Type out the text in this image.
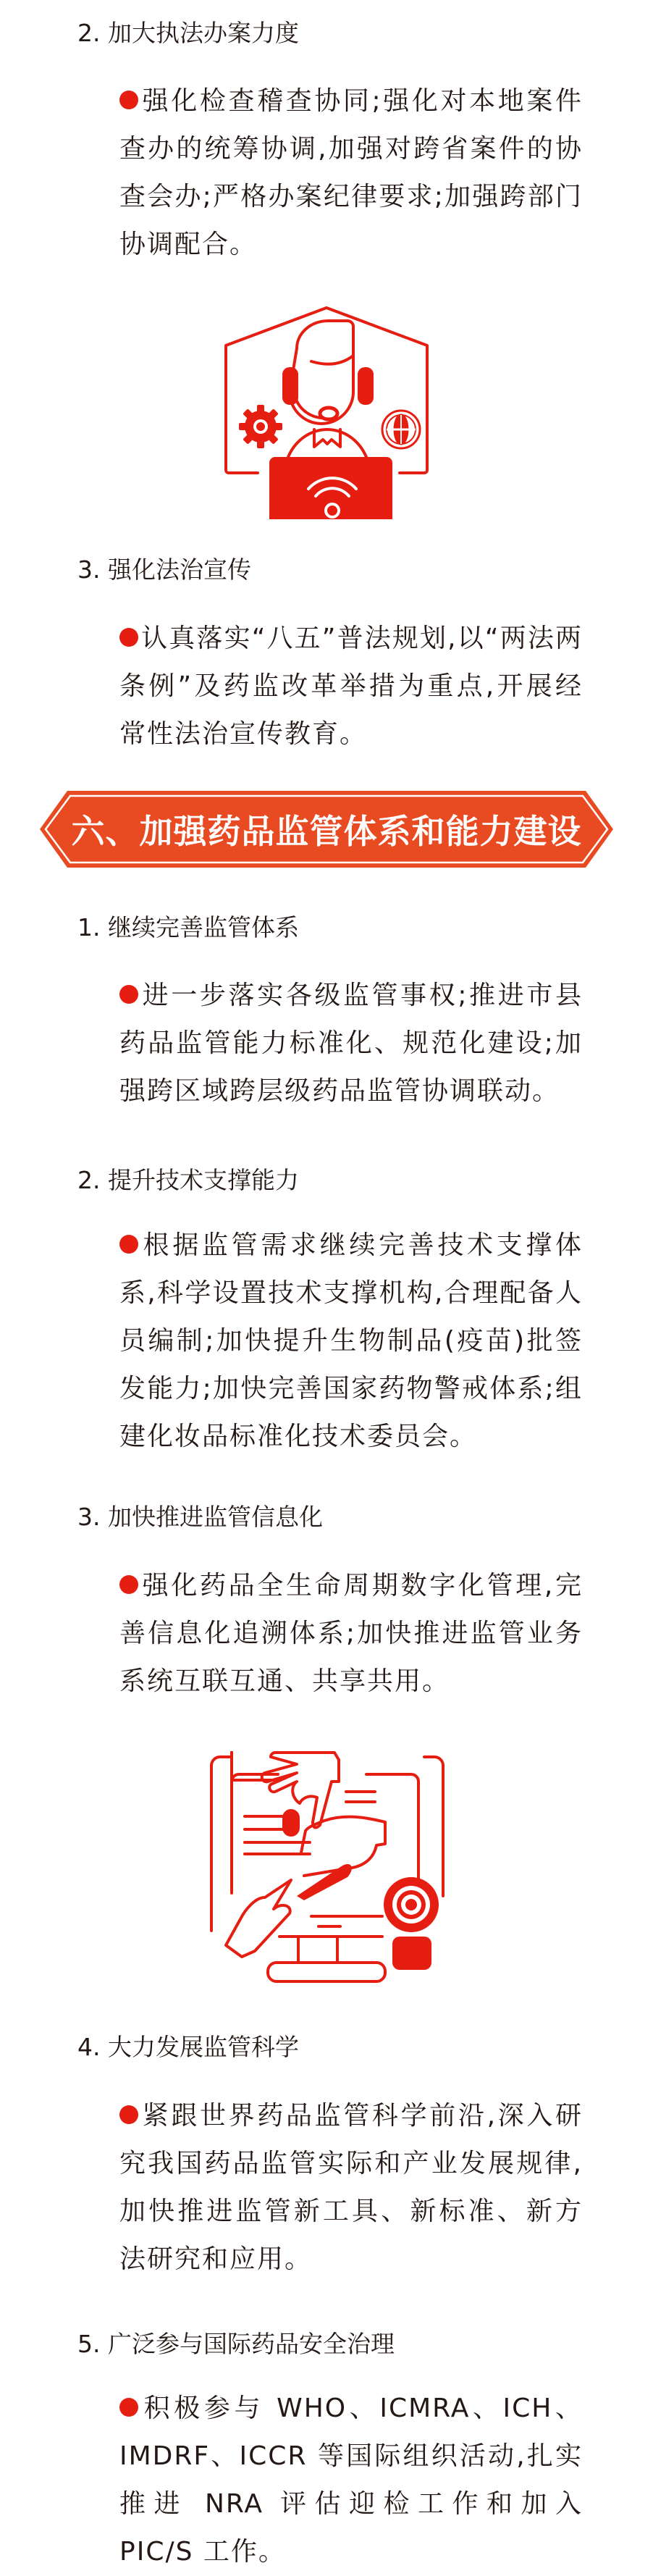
2. 加大执法办案力度
强化检查稽查协同;强化对本地案件查办的统筹协调,加强对跨省案件的协查会办;严格办案纪律要求;加强跨部门协调配合。
3. 强化法治宣传
认真落实“八五”普法规划,以“两法两条例”及药监改革举措为重点,开展经常性法治宣传教育。
六、加强药品监管体系和能力建设
1. 继续完善监管体系
进一步落实各级监管事权;推进市县药品监管能力标准化、规范化建设;加强跨区域跨层级药品监管协调联动。
2. 提升技术支撑能力
根据监管需求继续完善技术支撑体系,科学设置技术支撑机构,合理配备人员编制;加快提升生物制品(疫苗)批签发能力;加快完善国家药物警戒体系;组建化妆品标准化技术委员会。
3. 加快推进监管信息化
强化药品全生命周期数字化管理,完善信息化追溯体系;加快推进监管业务系统互联互通、共享共用。
4. 大力发展监管科学
紧跟世界药品监管科学前沿,深入研究我国药品监管实际和产业发展规律,加快推进监管新工具、新标准、新方法研究和应用。
5. 广泛参与国际药品安全治理
积极参与 WHO、ICMRA、ICH、IMDRF、ICCR 等国际组织活动,扎实推进 NRA 评估迎检工作和加入 PIC/S 工作。
